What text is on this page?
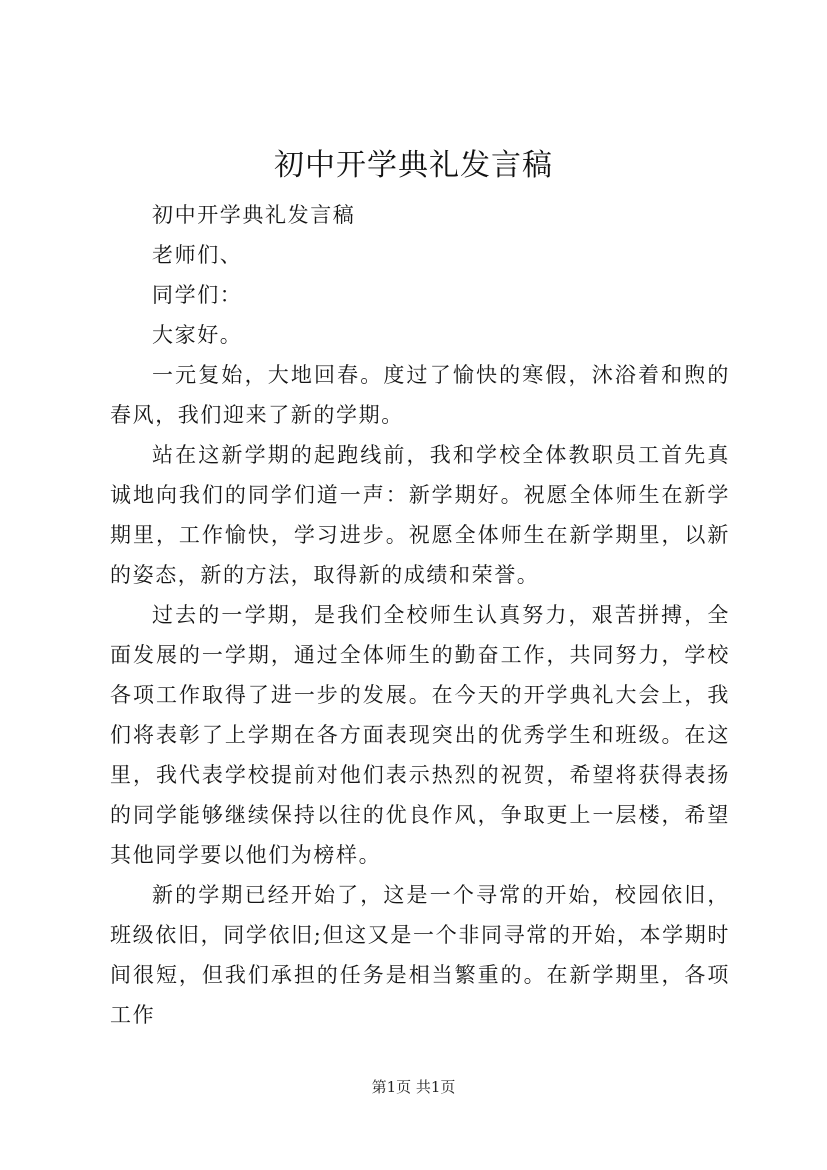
初中开学典礼发言稿

初中开学典礼发言稿

老师们、

同学们：

大家好。

一元复始，大地回春。度过了愉快的寒假，沐浴着和煦的春风，我们迎来了新的学期。

站在这新学期的起跑线前，我和学校全体教职员工首先真诚地向我们的同学们道一声：新学期好。祝愿全体师生在新学期里，工作愉快，学习进步。祝愿全体师生在新学期里，以新的姿态，新的方法，取得新的成绩和荣誉。

过去的一学期，是我们全校师生认真努力，艰苦拼搏，全面发展的一学期，通过全体师生的勤奋工作，共同努力，学校各项工作取得了进一步的发展。在今天的开学典礼大会上，我们将表彰了上学期在各方面表现突出的优秀学生和班级。在这里，我代表学校提前对他们表示热烈的祝贺，希望将获得表扬的同学能够继续保持以往的优良作风，争取更上一层楼，希望其他同学要以他们为榜样。

新的学期已经开始了，这是一个寻常的开始，校园依旧，班级依旧，同学依旧;但这又是一个非同寻常的开始，本学期时间很短，但我们承担的任务是相当繁重的。在新学期里，各项工作

第1页 共1页
